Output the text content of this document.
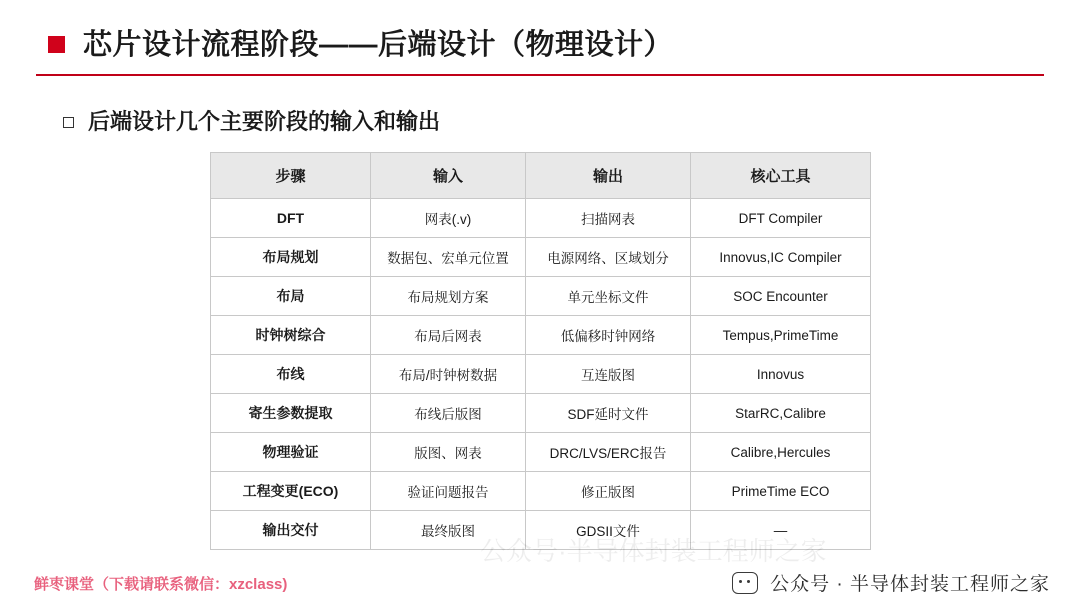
芯片设计流程阶段——后端设计（物理设计）
后端设计几个主要阶段的输入和输出
步骤	输入	输出	核心工具
DFT	网表(.v)	扫描网表	DFT Compiler
布局规划	数据包、宏单元位置	电源网络、区域划分	Innovus,IC Compiler
布局	布局规划方案	单元坐标文件	SOC Encounter
时钟树综合	布局后网表	低偏移时钟网络	Tempus,PrimeTime
布线	布局/时钟树数据	互连版图	Innovus
寄生参数提取	布线后版图	SDF延时文件	StarRC,Calibre
物理验证	版图、网表	DRC/LVS/ERC报告	Calibre,Hercules
工程变更(ECO)	验证问题报告	修正版图	PrimeTime ECO
输出交付	最终版图	GDSII文件	—
公众号·半导体封装工程师之家
鲜枣课堂（下载请联系微信：xzclass)	公众号 · 半导体封装工程师之家
